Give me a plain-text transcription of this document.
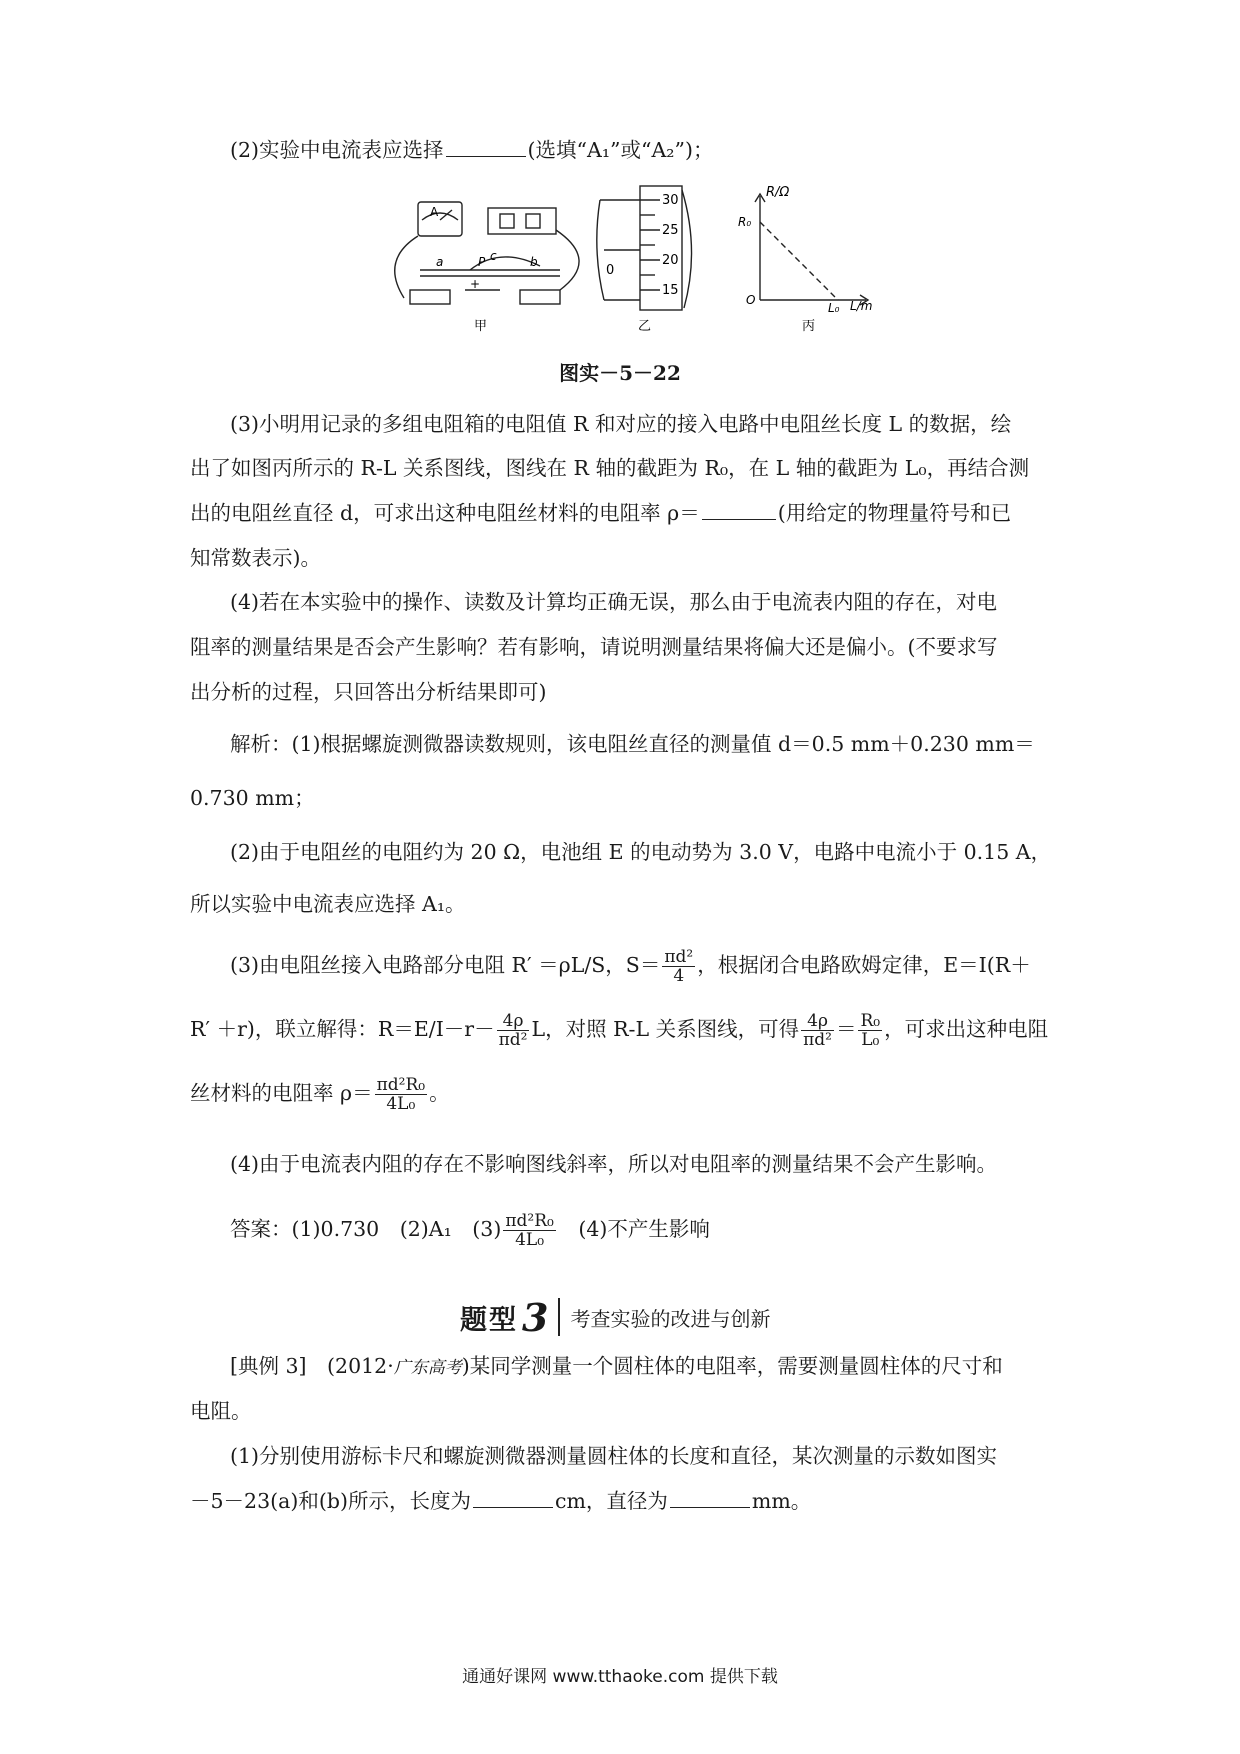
(2)实验中电流表应选择	(选填“A₁”或“A₂”)；
A
a	P c	b
+
甲
30
25
20
15
0
乙
R/Ω
L/m
O
R₀
L₀
丙
图实－5－22
(3)小明用记录的多组电阻箱的电阻值 R 和对应的接入电路中电阻丝长度 L 的数据，绘
出了如图丙所示的 R-L 关系图线，图线在 R 轴的截距为 R₀，在 L 轴的截距为 L₀，再结合测
出的电阻丝直径 d，可求出这种电阻丝材料的电阻率 ρ＝	(用给定的物理量符号和已
知常数表示)。
(4)若在本实验中的操作、读数及计算均正确无误，那么由于电流表内阻的存在，对电
阻率的测量结果是否会产生影响？若有影响，请说明测量结果将偏大还是偏小。(不要求写
出分析的过程，只回答出分析结果即可)
解析：(1)根据螺旋测微器读数规则，该电阻丝直径的测量值 d＝0.5 mm＋0.230 mm＝
0.730 mm；
(2)由于电阻丝的电阻约为 20 Ω，电池组 E 的电动势为 3.0 V，电路中电流小于 0.15 A，
所以实验中电流表应选择 A₁。
(3)由电阻丝接入电路部分电阻 R′ ＝ρL/S，$S= \frac{\text{πd²}}{4}$ ，根据闭合电路欧姆定律，E＝I(R＋
R′ ＋r)，联立解得：$R=E/I-r- \frac{4\rho}{\text{πd²}}$ L，对照 R-L 关系图线，可得 $\frac{4\rho}{\text{πd²}} = \frac{\text{R₀}}{\text{L₀}}$ ，可求出这种电阻
丝材料的电阻率 $\rho= \frac{\text{πd²R₀}}{\text{4L₀}}$ 。
(4)由于电流表内阻的存在不影响图线斜率，所以对电阻率的测量结果不会产生影响。
答案：(1)0.730　(2)A₁　$(3) \frac{\text{πd²R₀}}{\text{4L₀}}$ 　(4)不产生影响
题型 3 考查实验的改进与创新
[典例 3]　(2012·广东高考)某同学测量一个圆柱体的电阻率，需要测量圆柱体的尺寸和
电阻。
(1)分别使用游标卡尺和螺旋测微器测量圆柱体的长度和直径，某次测量的示数如图实
－5－23(a)和(b)所示，长度为	cm，直径为	mm。
通通好课网 www.tthaoke.com 提供下载
